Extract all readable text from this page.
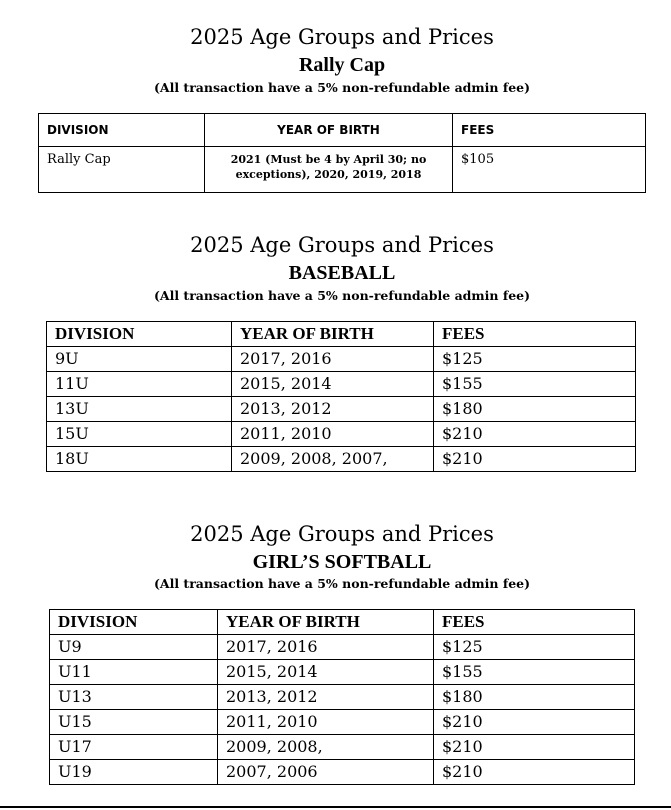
2025 Age Groups and Prices
Rally Cap
(All transaction have a 5% non-refundable admin fee)
DIVISION	YEAR OF BIRTH	FEES
Rally Cap	2021 (Must be 4 by April 30; no exceptions), 2020, 2019, 2018	$105
2025 Age Groups and Prices
BASEBALL
(All transaction have a 5% non-refundable admin fee)
DIVISION	YEAR OF BIRTH	FEES
9U	2017, 2016	$125
11U	2015, 2014	$155
13U	2013, 2012	$180
15U	2011, 2010	$210
18U	2009, 2008, 2007,	$210
2025 Age Groups and Prices
GIRL’S SOFTBALL
(All transaction have a 5% non-refundable admin fee)
DIVISION	YEAR OF BIRTH	FEES
U9	2017, 2016	$125
U11	2015, 2014	$155
U13	2013, 2012	$180
U15	2011, 2010	$210
U17	2009, 2008,	$210
U19	2007, 2006	$210
